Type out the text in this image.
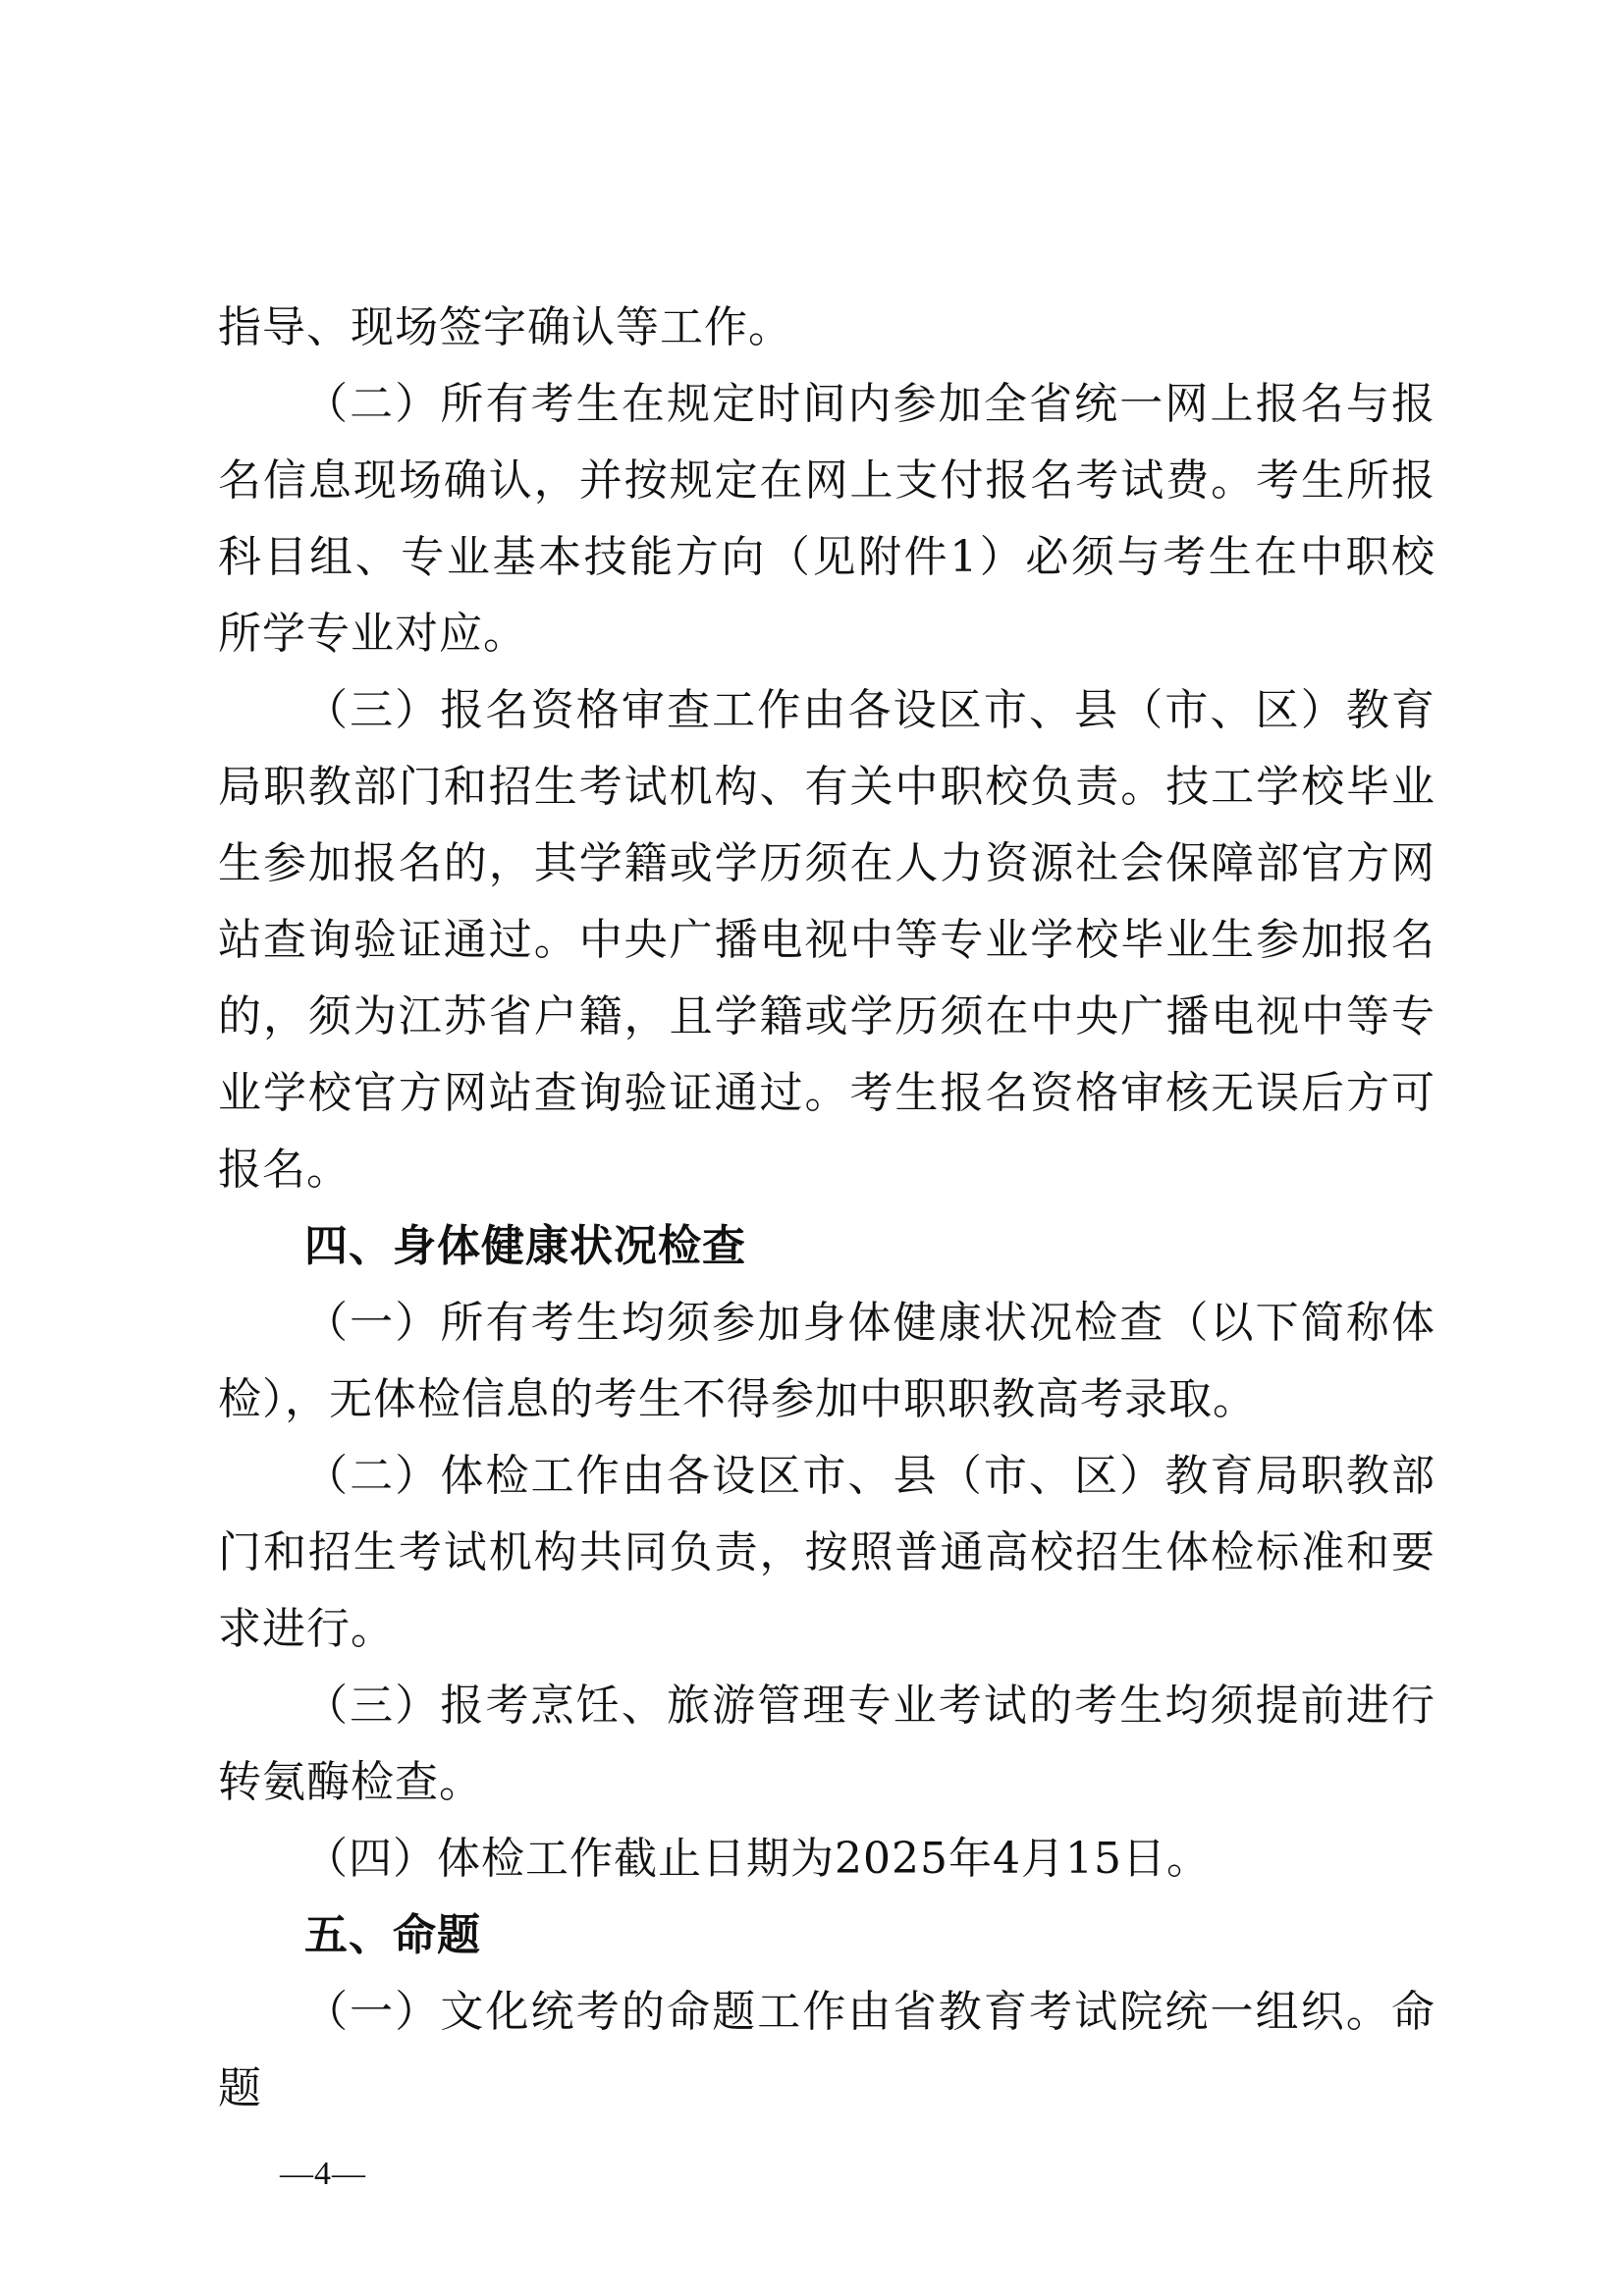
指导、现场签字确认等工作。

（二）所有考生在规定时间内参加全省统一网上报名与报名信息现场确认，并按规定在网上支付报名考试费。考生所报科目组、专业基本技能方向（见附件1）必须与考生在中职校所学专业对应。

（三）报名资格审查工作由各设区市、县（市、区）教育局职教部门和招生考试机构、有关中职校负责。技工学校毕业生参加报名的，其学籍或学历须在人力资源社会保障部官方网站查询验证通过。中央广播电视中等专业学校毕业生参加报名的，须为江苏省户籍，且学籍或学历须在中央广播电视中等专业学校官方网站查询验证通过。考生报名资格审核无误后方可报名。

四、身体健康状况检查

（一）所有考生均须参加身体健康状况检查（以下简称体检），无体检信息的考生不得参加中职职教高考录取。

（二）体检工作由各设区市、县（市、区）教育局职教部门和招生考试机构共同负责，按照普通高校招生体检标准和要求进行。

（三）报考烹饪、旅游管理专业考试的考生均须提前进行转氨酶检查。

（四）体检工作截止日期为2025年4月15日。

五、命题

（一）文化统考的命题工作由省教育考试院统一组织。命题

—4—
